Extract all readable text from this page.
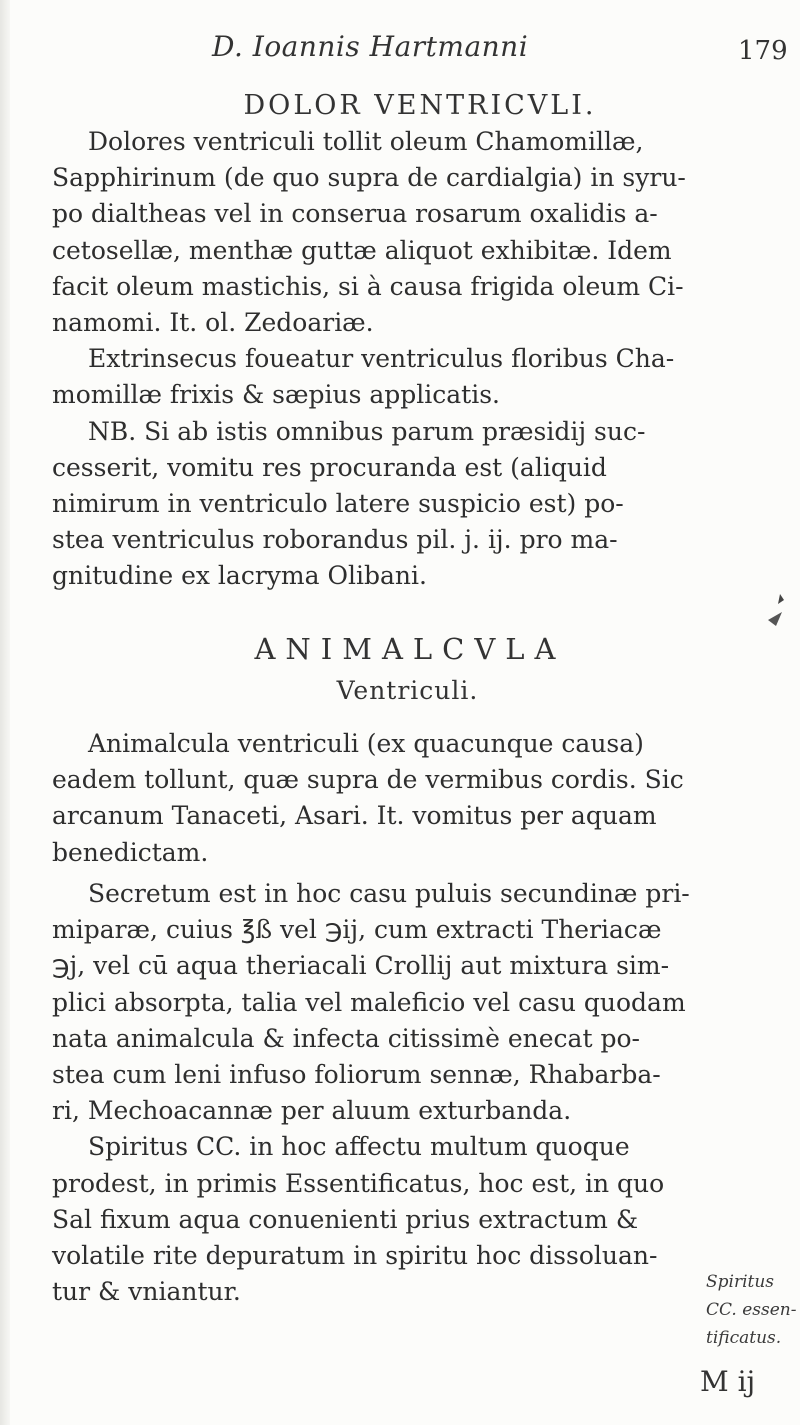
D. Ioannis Hartmanni	179
DOLOR VENTRICVLI.
Dolores ventriculi tollit oleum Chamomillæ,
Sapphirinum (de quo supra de cardialgia) in syru-
po dialtheas vel in conserua rosarum oxalidis a-
cetosellæ, menthæ guttæ aliquot exhibitæ. Idem
facit oleum mastichis, si à causa frigida oleum Ci-
namomi. It. ol. Zedoariæ.
Extrinsecus foueatur ventriculus floribus Cha-
momillæ frixis & sæpius applicatis.
NB. Si ab istis omnibus parum præsidij suc-
cesserit, vomitu res procuranda est (aliquid
nimirum in ventriculo latere suspicio est) po-
stea ventriculus roborandus pil. j. ij. pro ma-
gnitudine ex lacryma Olibani.
ANIMALCVLA
Ventriculi.
Animalcula ventriculi (ex quacunque causa)
eadem tollunt, quæ supra de vermibus cordis. Sic
arcanum Tanaceti, Asari. It. vomitus per aquam
benedictam.
Secretum est in hoc casu puluis secundinæ pri-
miparæ, cuius ℥ß vel ℈ij, cum extracti Theriacæ
℈j, vel cū aqua theriacali Crollij aut mixtura sim-
plici absorpta, talia vel maleficio vel casu quodam
nata animalcula & infecta citissimè enecat po-
stea cum leni infuso foliorum sennæ, Rhabarba-
ri, Mechoacannæ per aluum exturbanda.
Spiritus CC. in hoc affectu multum quoque
prodest, in primis Essentificatus, hoc est, in quo
Sal fixum aqua conuenienti prius extractum &
volatile rite depuratum in spiritu hoc dissoluan-
tur & vniantur.	Spiritus
CC. essen-
tificatus.
M ij
